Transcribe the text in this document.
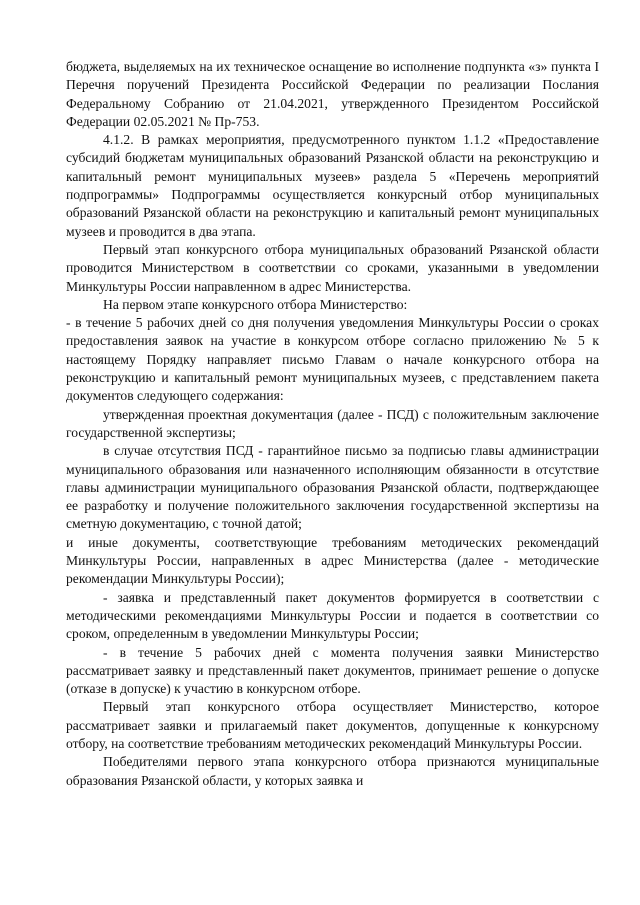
бюджета, выделяемых на их техническое оснащение во исполнение подпункта «з» пункта I Перечня поручений Президента Российской Федерации по реализации Послания Федеральному Собранию от 21.04.2021, утвержденного Президентом Российской Федерации 02.05.2021 № Пр-753.

4.1.2. В рамках мероприятия, предусмотренного пунктом 1.1.2 «Предоставление субсидий бюджетам муниципальных образований Рязанской области на реконструкцию и капитальный ремонт муниципальных музеев» раздела 5 «Перечень мероприятий подпрограммы» Подпрограммы осуществляется конкурсный отбор муниципальных образований Рязанской области на реконструкцию и капитальный ремонт муниципальных музеев и проводится в два этапа.

Первый этап конкурсного отбора муниципальных образований Рязанской области проводится Министерством в соответствии со сроками, указанными в уведомлении Минкультуры России направленном в адрес Министерства.

На первом этапе конкурсного отбора Министерство:

- в течение 5 рабочих дней со дня получения уведомления Минкультуры России о сроках предоставления заявок на участие в конкурсом отборе согласно приложению № 5 к настоящему Порядку направляет письмо Главам о начале конкурсного отбора на реконструкцию и капитальный ремонт муниципальных музеев, с представлением пакета документов следующего содержания:

утвержденная проектная документация (далее - ПСД) с положительным заключение государственной экспертизы;

в случае отсутствия ПСД - гарантийное письмо за подписью главы администрации муниципального образования или назначенного исполняющим обязанности в отсутствие главы администрации муниципального образования Рязанской области, подтверждающее ее разработку и получение положительного заключения государственной экспертизы на сметную документацию, с точной датой;

и иные документы, соответствующие требованиям методических рекомендаций Минкультуры России, направленных в адрес Министерства (далее - методические рекомендации Минкультуры России);

- заявка и представленный пакет документов формируется в соответствии с методическими рекомендациями Минкультуры России и подается в соответствии со сроком, определенным в уведомлении Минкультуры России;

- в течение 5 рабочих дней с момента получения заявки Министерство рассматривает заявку и представленный пакет документов, принимает решение о допуске (отказе в допуске) к участию в конкурсном отборе.

Первый этап конкурсного отбора осуществляет Министерство, которое рассматривает заявки и прилагаемый пакет документов, допущенные к конкурсному отбору, на соответствие требованиям методических рекомендаций Минкультуры России.

Победителями первого этапа конкурсного отбора признаются муниципальные образования Рязанской области, у которых заявка и
